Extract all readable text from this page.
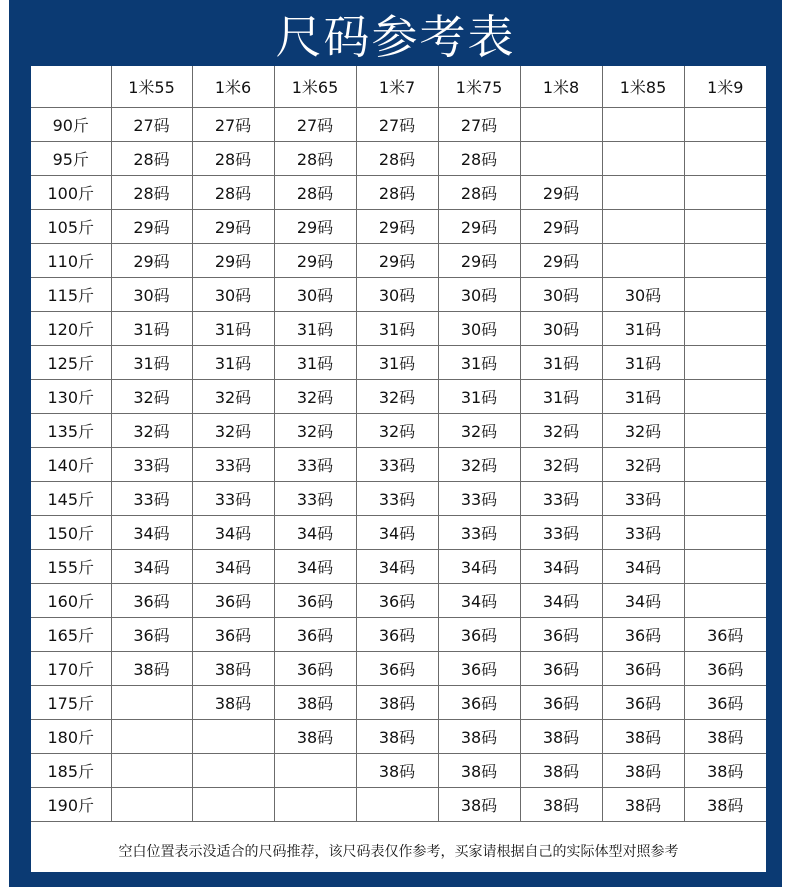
尺码参考表
	1米55	1米6	1米65	1米7	1米75	1米8	1米85	1米9
90斤	27码	27码	27码	27码	27码			
95斤	28码	28码	28码	28码	28码			
100斤	28码	28码	28码	28码	28码	29码		
105斤	29码	29码	29码	29码	29码	29码		
110斤	29码	29码	29码	29码	29码	29码		
115斤	30码	30码	30码	30码	30码	30码	30码	
120斤	31码	31码	31码	31码	30码	30码	31码	
125斤	31码	31码	31码	31码	31码	31码	31码	
130斤	32码	32码	32码	32码	31码	31码	31码	
135斤	32码	32码	32码	32码	32码	32码	32码	
140斤	33码	33码	33码	33码	32码	32码	32码	
145斤	33码	33码	33码	33码	33码	33码	33码	
150斤	34码	34码	34码	34码	33码	33码	33码	
155斤	34码	34码	34码	34码	34码	34码	34码	
160斤	36码	36码	36码	36码	34码	34码	34码	
165斤	36码	36码	36码	36码	36码	36码	36码	36码
170斤	38码	38码	36码	36码	36码	36码	36码	36码
175斤		38码	38码	38码	36码	36码	36码	36码
180斤			38码	38码	38码	38码	38码	38码
185斤				38码	38码	38码	38码	38码
190斤					38码	38码	38码	38码
空白位置表示没适合的尺码推荐，该尺码表仅作参考，买家请根据自己的实际体型对照参考
